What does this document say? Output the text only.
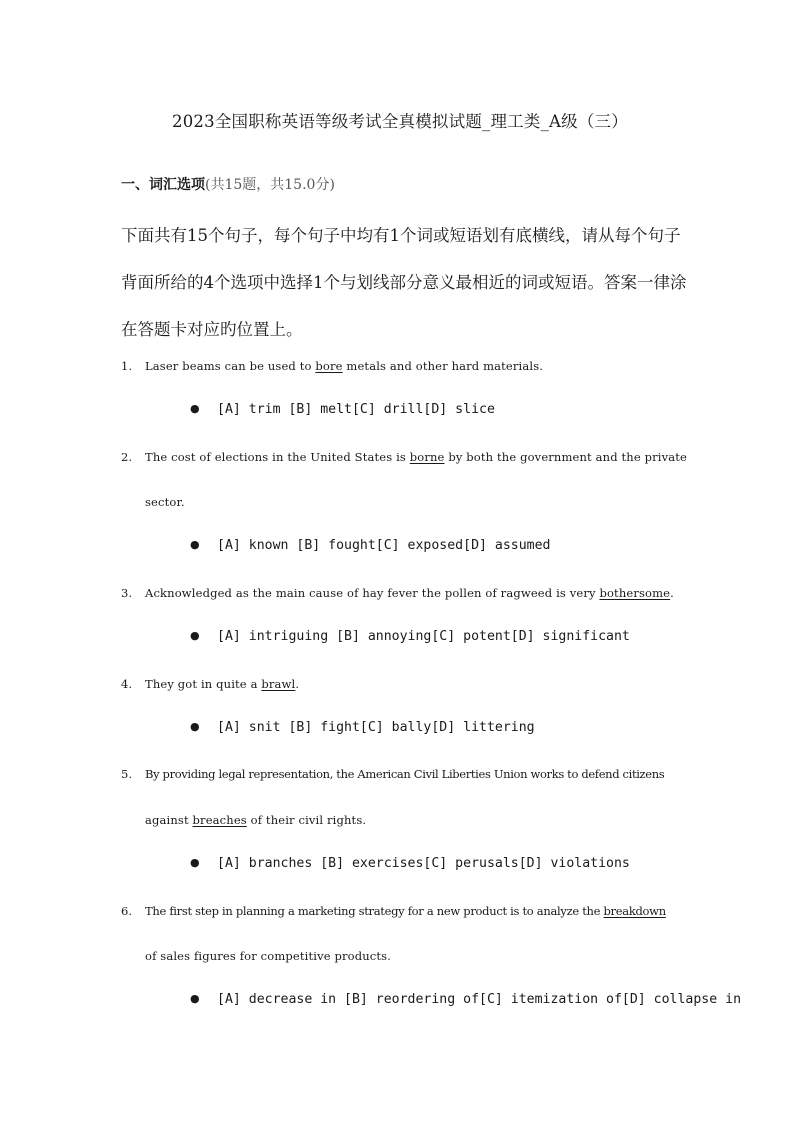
2023全国职称英语等级考试全真模拟试题_理工类_A级（三）
一、词汇选项(共15题，共15.0分)
下面共有15个句子，每个句子中均有1个词或短语划有底横线，请从每个句子
背面所给的4个选项中选择1个与划线部分意义最相近的词或短语。答案一律涂
在答题卡对应旳位置上。
1. Laser beams can be used to bore metals and other hard materials.
● [A] trim [B] melt[C] drill[D] slice
2. The cost of elections in the United States is borne by both the government and the private
sector.
● [A] known [B] fought[C] exposed[D] assumed
3. Acknowledged as the main cause of hay fever the pollen of ragweed is very bothersome.
● [A] intriguing [B] annoying[C] potent[D] significant
4. They got in quite a brawl.
● [A] snit [B] fight[C] bally[D] littering
5. By providing legal representation, the American Civil Liberties Union works to defend citizens
against breaches of their civil rights.
● [A] branches [B] exercises[C] perusals[D] violations
6. The first step in planning a marketing strategy for a new product is to analyze the breakdown
of sales figures for competitive products.
● [A] decrease in [B] reordering of[C] itemization of[D] collapse in
